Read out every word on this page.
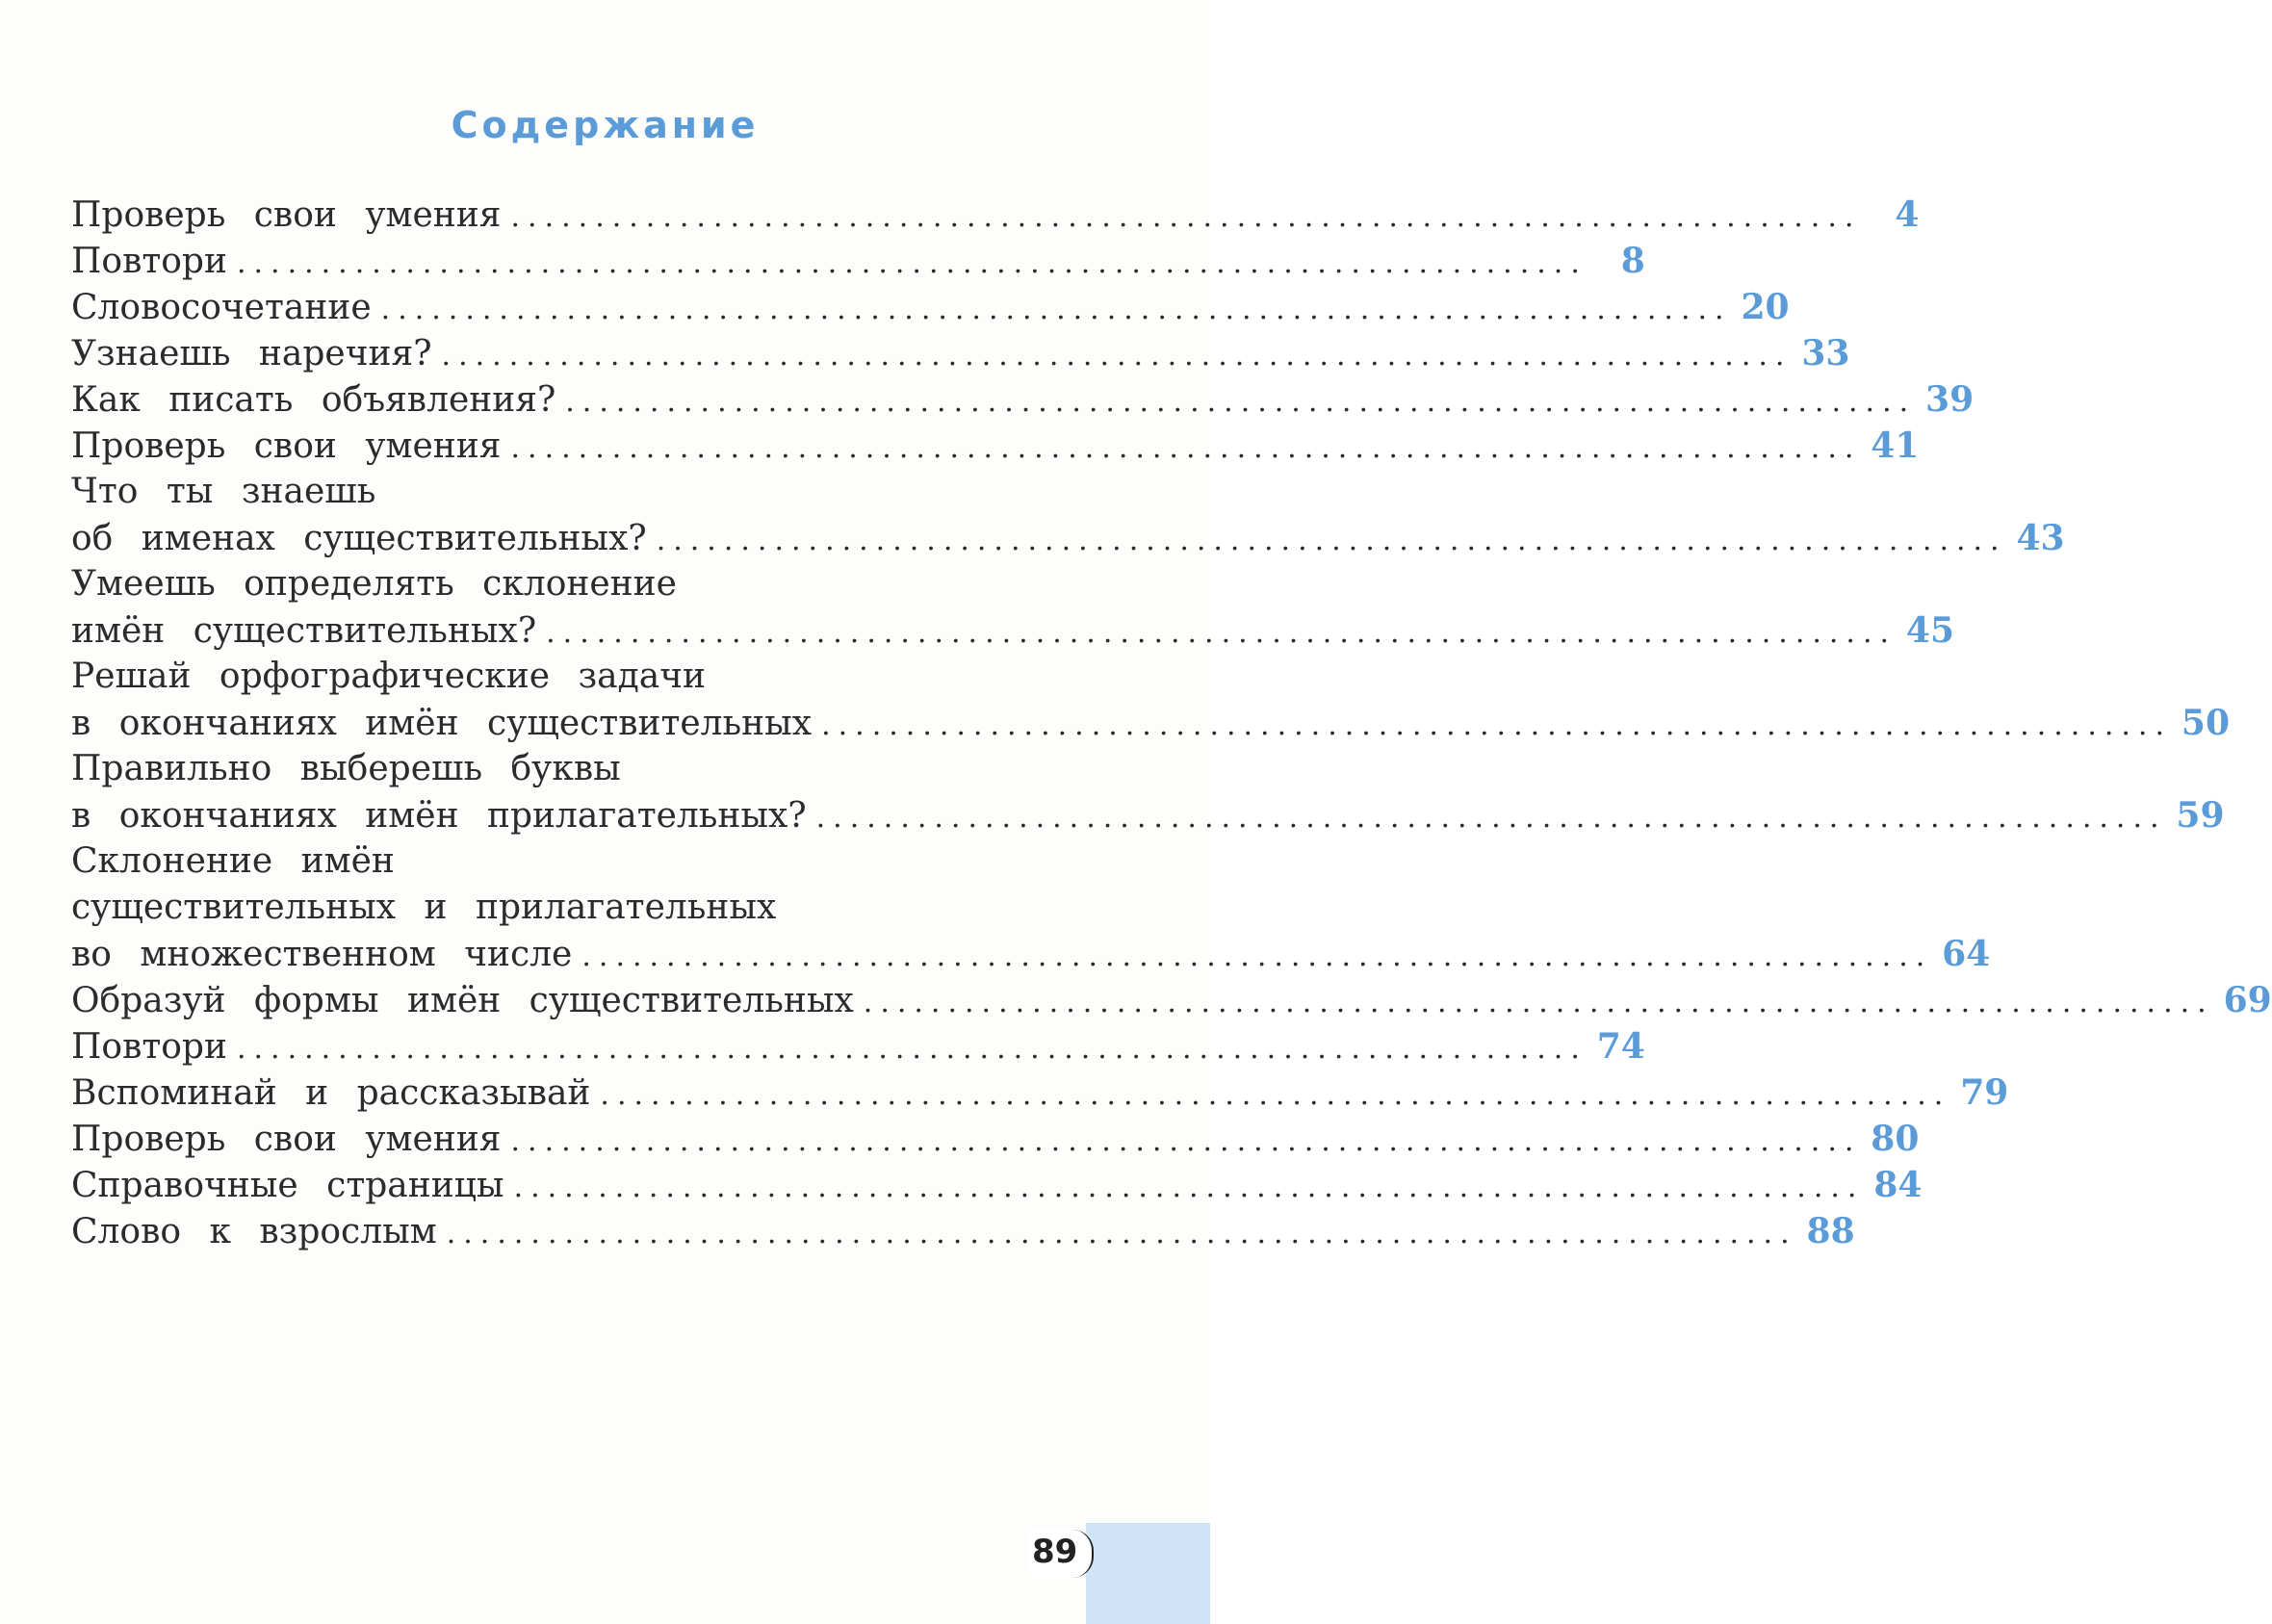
Содержание
Проверь свои умения ................................................................................ 4
Повтори ................................................................................ 8
Словосочетание ................................................................................ 20
Узнаешь наречия? ................................................................................ 33
Как писать объявления? ................................................................................ 39
Проверь свои умения ................................................................................ 41
Что ты знаешь
об именах существительных? ................................................................................ 43
Умеешь определять склонение
имён существительных? ................................................................................ 45
Решай орфографические задачи
в окончаниях имён существительных ................................................................................ 50
Правильно выберешь буквы
в окончаниях имён прилагательных? ................................................................................ 59
Склонение имён
существительных и прилагательных
во множественном числе ................................................................................ 64
Образуй формы имён существительных ................................................................................ 69
Повтори ................................................................................ 74
Вспоминай и рассказывай ................................................................................ 79
Проверь свои умения ................................................................................ 80
Справочные страницы ................................................................................ 84
Слово к взрослым ................................................................................ 88
89
